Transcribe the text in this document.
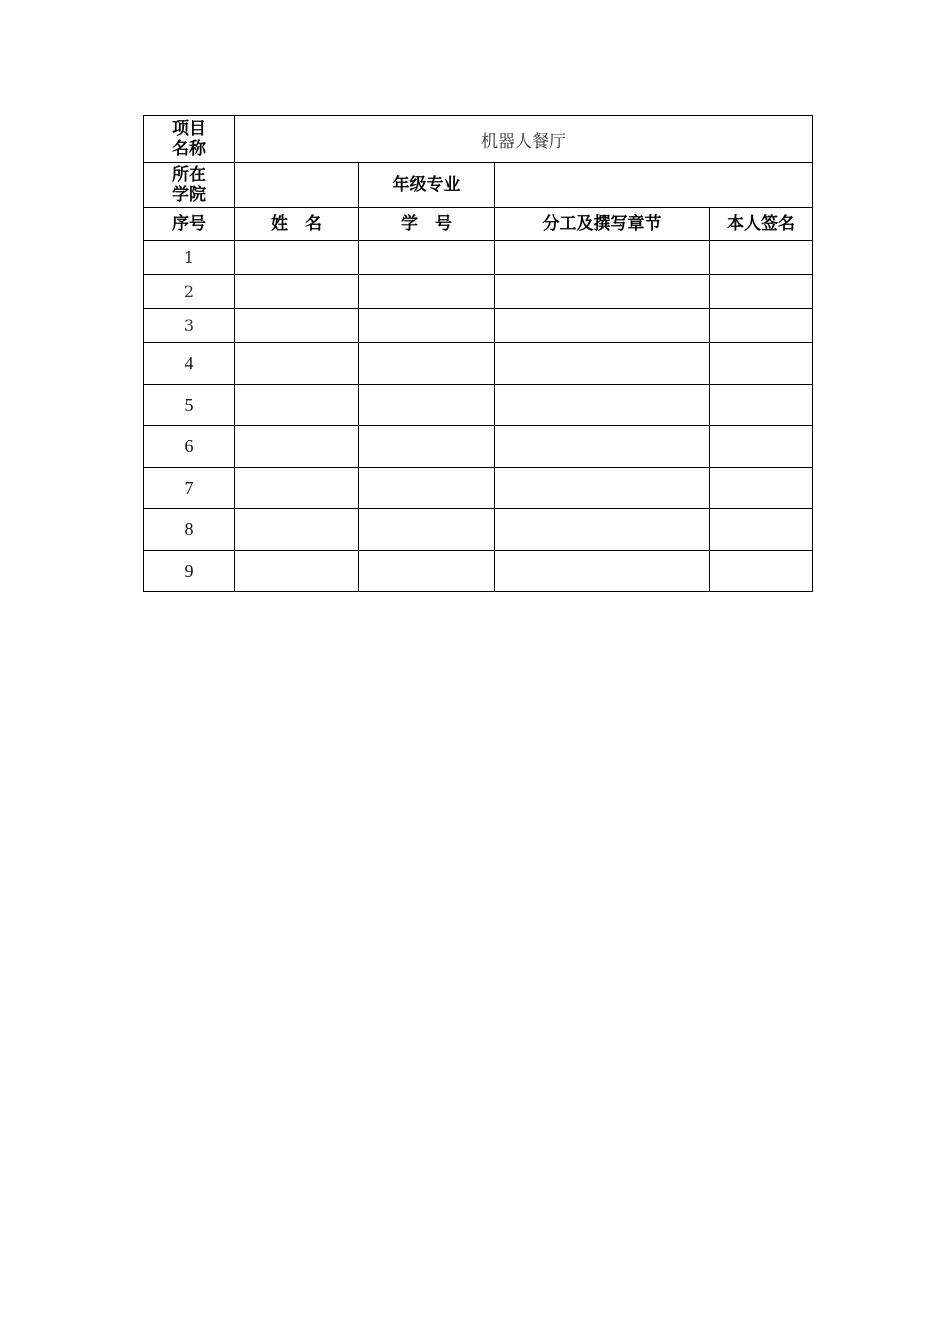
项目
名称	机器人餐厅			

所在
学院		年级专业		
序号	姓　名	学　号	分工及撰写章节	本人签名
1				
2				
3				
4				
5				
6				
7				
8				
9				
